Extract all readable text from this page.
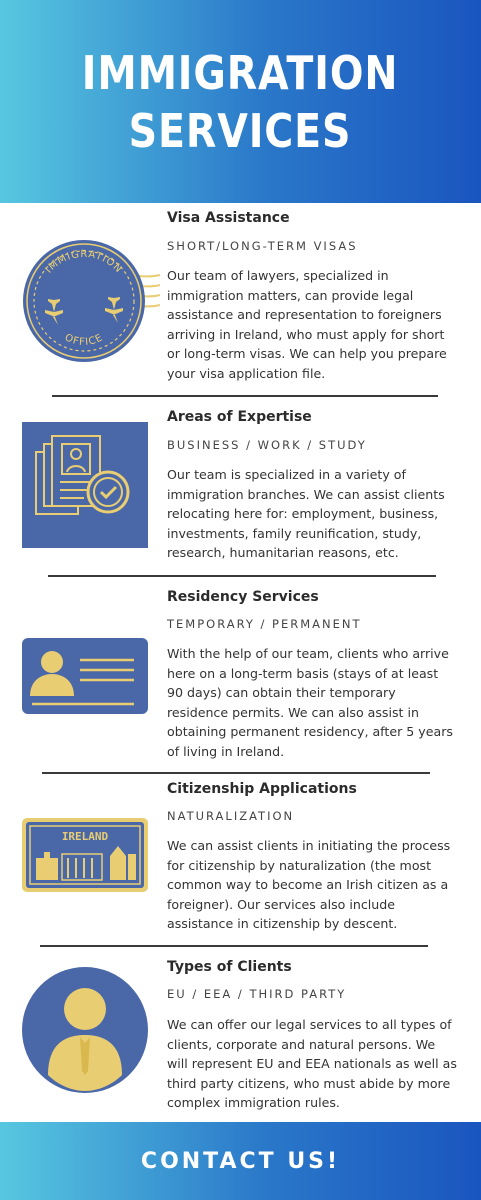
IMMIGRATION
SERVICES
IMMIGRATION
OFFICE
Visa Assistance
SHORT/LONG-TERM VISAS
Our team of lawyers, specialized in immigration matters, can provide legal assistance and representation to foreigners arriving in Ireland, who must apply for short or long-term visas. We can help you prepare your visa application file.
Areas of Expertise
BUSINESS / WORK / STUDY
Our team is specialized in a variety of immigration branches. We can assist clients relocating here for: employment, business, investments, family reunification, study, research, humanitarian reasons, etc.
Residency Services
TEMPORARY / PERMANENT
With the help of our team, clients who arrive here on a long-term basis (stays of at least 90 days) can obtain their temporary residence permits. We can also assist in obtaining permanent residency, after 5 years of living in Ireland.
IRELAND
Citizenship Applications
NATURALIZATION
We can assist clients in initiating the process for citizenship by naturalization (the most common way to become an Irish citizen as a foreigner). Our services also include assistance in citizenship by descent.
Types of Clients
EU / EEA / THIRD PARTY
We can offer our legal services to all types of clients, corporate and natural persons. We will represent EU and EEA nationals as well as third party citizens, who must abide by more complex immigration rules.
CONTACT US!
